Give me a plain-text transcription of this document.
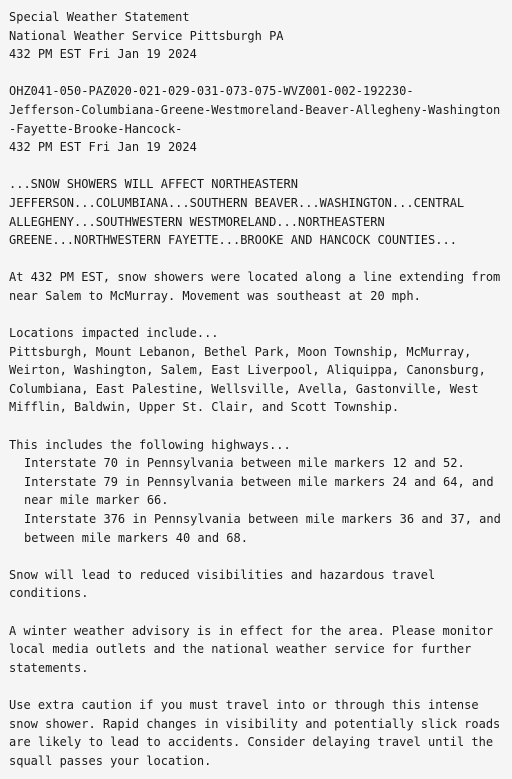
Special Weather Statement
National Weather Service Pittsburgh PA
432 PM EST Fri Jan 19 2024
OHZ041-050-PAZ020-021-029-031-073-075-WVZ001-002-192230-
Jefferson-Columbiana-Greene-Westmoreland-Beaver-Allegheny-Washington-Fayette-Brooke-Hancock-
432 PM EST Fri Jan 19 2024
...SNOW SHOWERS WILL AFFECT NORTHEASTERN JEFFERSON...COLUMBIANA...SOUTHERN BEAVER...WASHINGTON...CENTRAL ALLEGHENY...SOUTHWESTERN WESTMORELAND...NORTHEASTERN GREENE...NORTHWESTERN FAYETTE...BROOKE AND HANCOCK COUNTIES...
At 432 PM EST, snow showers were located along a line extending from near Salem to McMurray. Movement was southeast at 20 mph.
Locations impacted include...
Pittsburgh, Mount Lebanon, Bethel Park, Moon Township, McMurray, Weirton, Washington, Salem, East Liverpool, Aliquippa, Canonsburg, Columbiana, East Palestine, Wellsville, Avella, Gastonville, West Mifflin, Baldwin, Upper St. Clair, and Scott Township.
This includes the following highways...
Interstate 70 in Pennsylvania between mile markers 12 and 52.
Interstate 79 in Pennsylvania between mile markers 24 and 64, and near mile marker 66.
Interstate 376 in Pennsylvania between mile markers 36 and 37, and between mile markers 40 and 68.
Snow will lead to reduced visibilities and hazardous travel conditions.
A winter weather advisory is in effect for the area. Please monitor local media outlets and the national weather service for further statements.
Use extra caution if you must travel into or through this intense snow shower. Rapid changes in visibility and potentially slick roads are likely to lead to accidents. Consider delaying travel until the squall passes your location.
